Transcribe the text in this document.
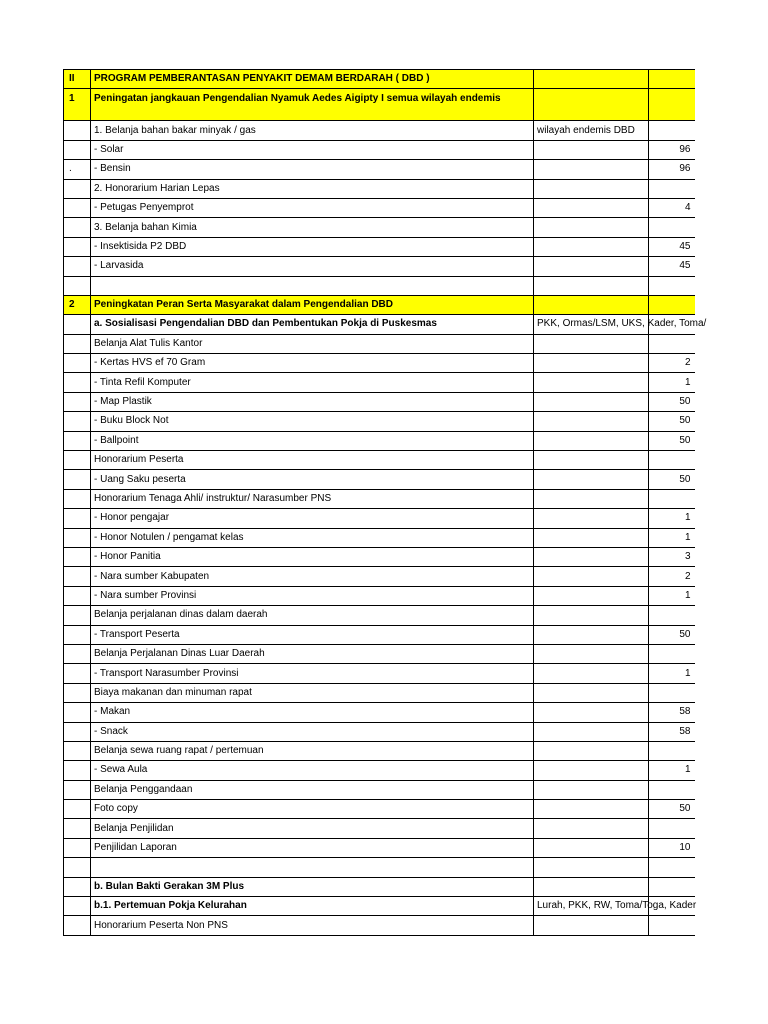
II	PROGRAM PEMBERANTASAN PENYAKIT DEMAM BERDARAH ( DBD )		
1	Peningatan jangkauan Pengendalian Nyamuk Aedes Aigipty I semua wilayah endemis		
	1. Belanja bahan bakar minyak / gas	wilayah endemis DBD	
	- Solar		96
.	- Bensin		96
	2. Honorarium Harian Lepas		
	- Petugas Penyemprot		4
	3. Belanja bahan Kimia		
	- Insektisida P2 DBD		45
	- Larvasida		45

2	Peningkatan Peran Serta Masyarakat dalam Pengendalian DBD		
	a. Sosialisasi Pengendalian DBD dan Pembentukan Pokja di Puskesmas	PKK, Ormas/LSM, UKS, Kader, Toma/	
	Belanja Alat Tulis Kantor		
	- Kertas HVS ef 70 Gram		2
	- Tinta Refil Komputer		1
	- Map Plastik		50
	- Buku Block Not		50
	- Ballpoint		50
	Honorarium Peserta		
	- Uang Saku peserta		50
	Honorarium Tenaga Ahli/ instruktur/ Narasumber PNS		
	- Honor pengajar		1
	- Honor Notulen / pengamat kelas		1
	- Honor Panitia		3
	- Nara sumber Kabupaten		2
	- Nara sumber Provinsi		1
	Belanja perjalanan dinas dalam daerah		
	- Transport Peserta		50
	Belanja Perjalanan Dinas Luar Daerah		
	- Transport Narasumber Provinsi		1
	Biaya makanan dan minuman rapat		
	- Makan		58
	- Snack		58
	Belanja sewa ruang rapat / pertemuan		
	- Sewa Aula		1
	Belanja Penggandaan		
	Foto copy		50
	Belanja Penjilidan		
	Penjilidan Laporan		10

	b. Bulan Bakti Gerakan 3M Plus		
	b.1. Pertemuan Pokja Kelurahan	Lurah, PKK, RW, Toma/Toga, Kader	
	Honorarium Peserta Non PNS		
